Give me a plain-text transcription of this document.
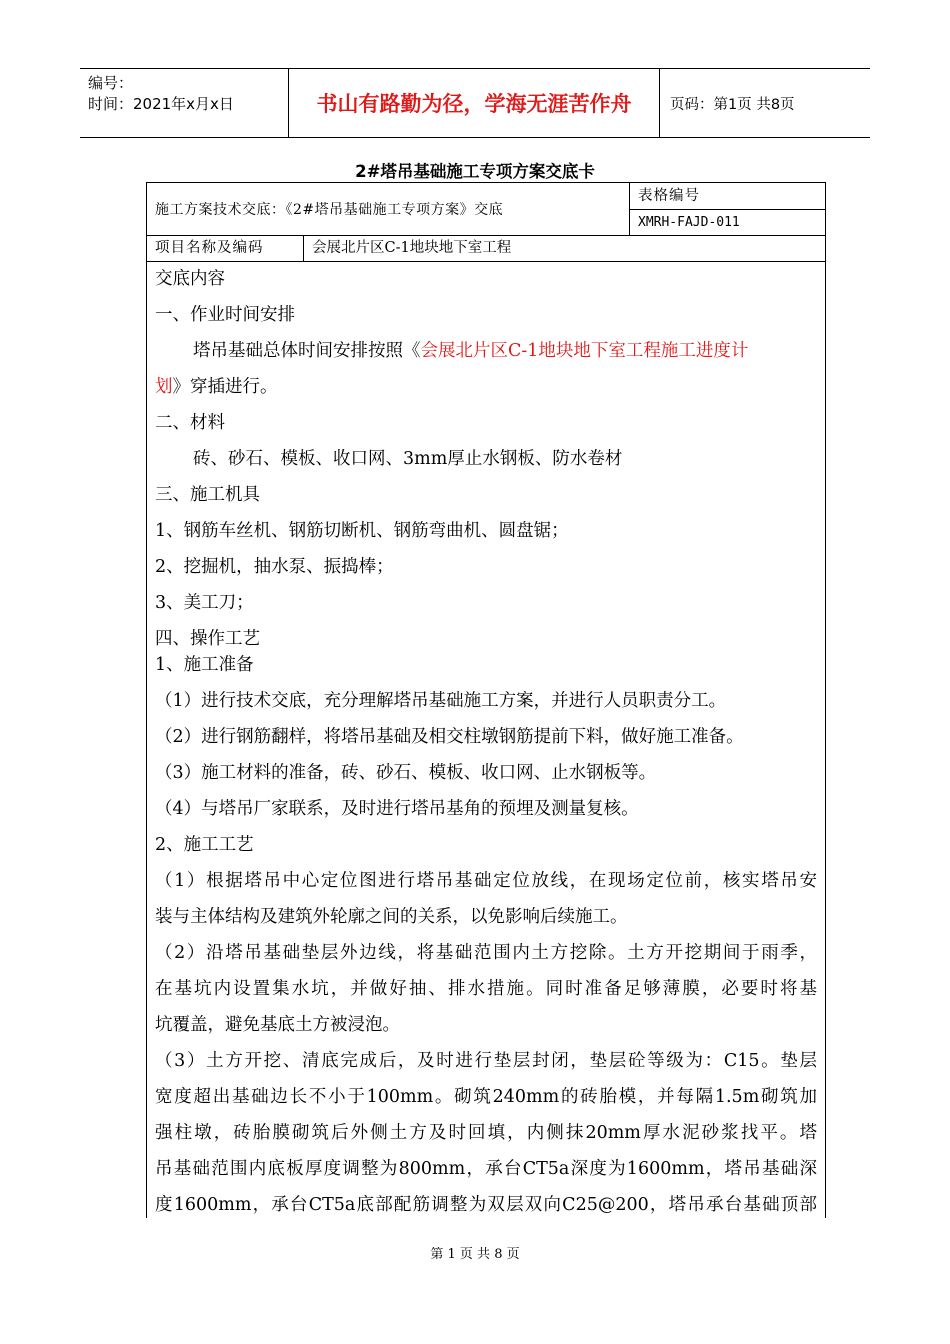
编号：
时间：2021年x月x日	书山有路勤为径，学海无涯苦作舟	页码：第1页 共8页
2#塔吊基础施工专项方案交底卡
施工方案技术交底：《2#塔吊基础施工专项方案》交底
表格编号
XMRH-FAJD-011
项目名称及编码	会展北片区C-1地块地下室工程
交底内容
一、作业时间安排
塔吊基础总体时间安排按照《会展北片区C-1地块地下室工程施工进度计
划》穿插进行。
二、材料
砖、砂石、模板、收口网、3mm厚止水钢板、防水卷材
三、施工机具
1、钢筋车丝机、钢筋切断机、钢筋弯曲机、圆盘锯；
2、挖掘机，抽水泵、振捣棒；
3、美工刀；
四、操作工艺
1、施工准备
（1）进行技术交底，充分理解塔吊基础施工方案，并进行人员职责分工。
（2）进行钢筋翻样，将塔吊基础及相交柱墩钢筋提前下料，做好施工准备。
（3）施工材料的准备，砖、砂石、模板、收口网、止水钢板等。
（4）与塔吊厂家联系，及时进行塔吊基角的预埋及测量复核。
2、施工工艺
（1）根据塔吊中心定位图进行塔吊基础定位放线，在现场定位前，核实塔吊安
装与主体结构及建筑外轮廓之间的关系，以免影响后续施工。
（2）沿塔吊基础垫层外边线，将基础范围内土方挖除。土方开挖期间于雨季，
在基坑内设置集水坑，并做好抽、排水措施。同时准备足够薄膜，必要时将基
坑覆盖，避免基底土方被浸泡。
（3）土方开挖、清底完成后，及时进行垫层封闭，垫层砼等级为：C15。垫层
宽度超出基础边长不小于100mm。砌筑240mm的砖胎模，并每隔1.5m砌筑加
强柱墩，砖胎膜砌筑后外侧土方及时回填，内侧抹20mm厚水泥砂浆找平。塔
吊基础范围内底板厚度调整为800mm，承台CT5a深度为1600mm，塔吊基础深
度1600mm，承台CT5a底部配筋调整为双层双向C25@200，塔吊承台基础顶部
第 1 页 共 8 页
